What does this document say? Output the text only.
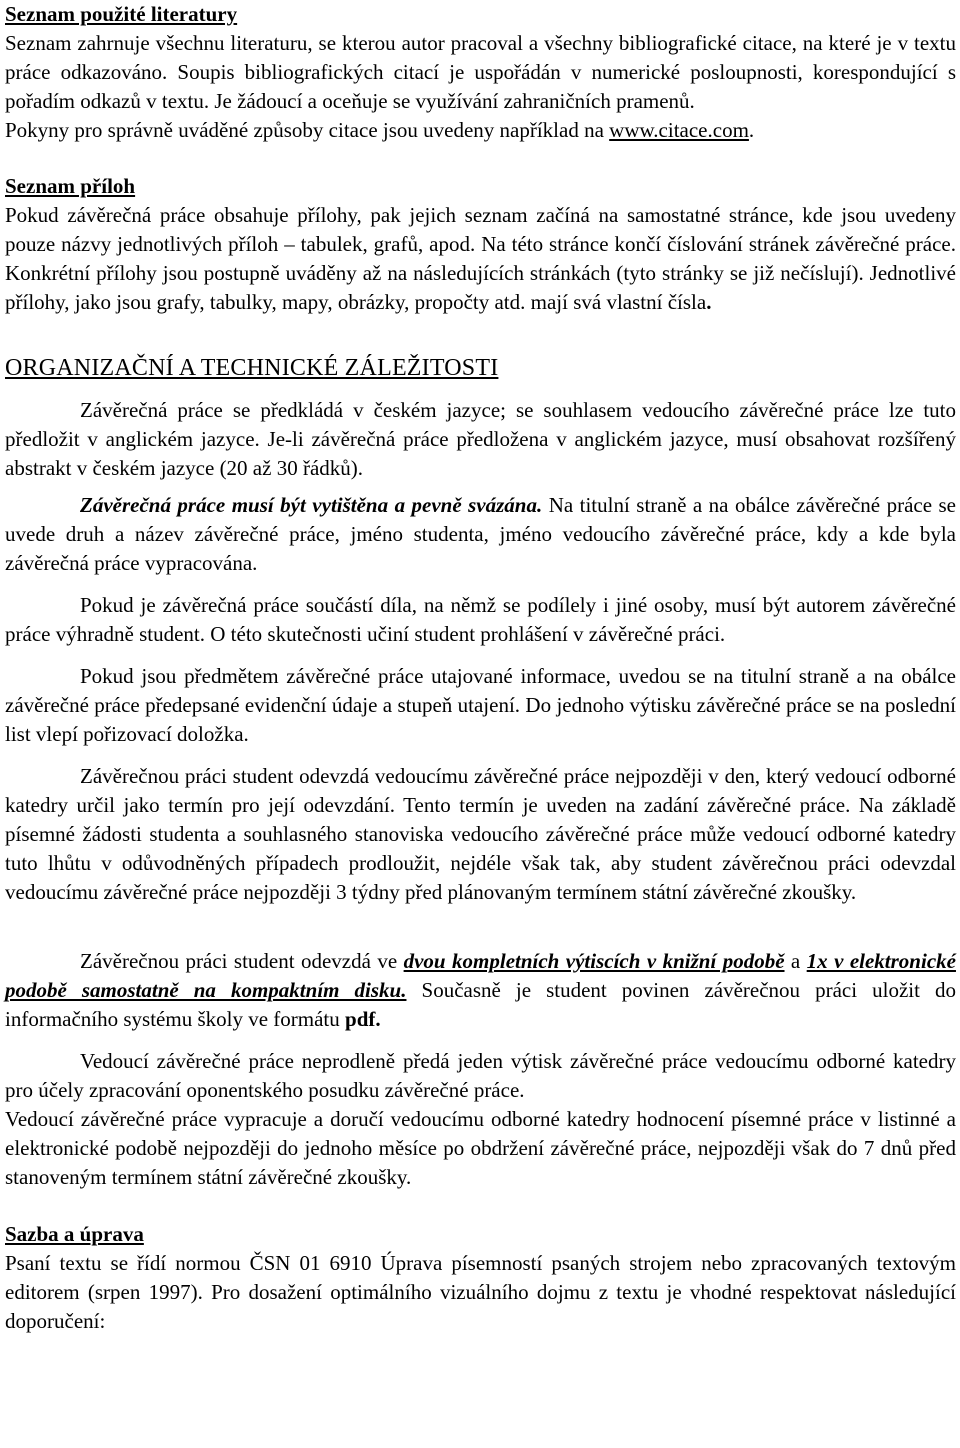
Seznam použité literatury

Seznam zahrnuje všechnu literaturu, se kterou autor pracoval a všechny bibliografické citace, na které je v textu práce odkazováno. Soupis bibliografických citací je uspořádán v numerické posloupnosti, korespondující s pořadím odkazů v textu. Je žádoucí a oceňuje se využívání zahraničních pramenů.

Pokyny pro správně uváděné způsoby citace jsou uvedeny například na www.citace.com.

Seznam příloh

Pokud závěrečná práce obsahuje přílohy, pak jejich seznam začíná na samostatné stránce, kde jsou uvedeny pouze názvy jednotlivých příloh – tabulek, grafů, apod. Na této stránce končí číslování stránek závěrečné práce. Konkrétní přílohy jsou postupně uváděny až na následujících stránkách (tyto stránky se již nečíslují). Jednotlivé přílohy, jako jsou grafy, tabulky, mapy, obrázky, propočty atd. mají svá vlastní čísla.

ORGANIZAČNÍ A TECHNICKÉ ZÁLEŽITOSTI

Závěrečná práce se předkládá v českém jazyce; se souhlasem vedoucího závěrečné práce lze tuto předložit v anglickém jazyce. Je-li závěrečná práce předložena v anglickém jazyce, musí obsahovat rozšířený abstrakt v českém jazyce (20 až 30 řádků).

Závěrečná práce musí být vytištěna a pevně svázána. Na titulní straně a na obálce závěrečné práce se uvede druh a název závěrečné práce, jméno studenta, jméno vedoucího závěrečné práce, kdy a kde byla závěrečná práce vypracována.

Pokud je závěrečná práce součástí díla, na němž se podílely i jiné osoby, musí být autorem závěrečné práce výhradně student. O této skutečnosti učiní student prohlášení v závěrečné práci.

Pokud jsou předmětem závěrečné práce utajované informace, uvedou se na titulní straně a na obálce závěrečné práce předepsané evidenční údaje a stupeň utajení. Do jednoho výtisku závěrečné práce se na poslední list vlepí pořizovací doložka.

Závěrečnou práci student odevzdá vedoucímu závěrečné práce nejpozději v den, který vedoucí odborné katedry určil jako termín pro její odevzdání. Tento termín je uveden na zadání závěrečné práce. Na základě písemné žádosti studenta a souhlasného stanoviska vedoucího závěrečné práce může vedoucí odborné katedry tuto lhůtu v odůvodněných případech prodloužit, nejdéle však tak, aby student závěrečnou práci odevzdal vedoucímu závěrečné práce nejpozději 3 týdny před plánovaným termínem státní závěrečné zkoušky.

Závěrečnou práci student odevzdá ve dvou kompletních výtiscích v knižní podobě a 1x v elektronické podobě samostatně na kompaktním disku. Současně je student povinen závěrečnou práci uložit do informačního systému školy ve formátu pdf.

Vedoucí závěrečné práce neprodleně předá jeden výtisk závěrečné práce vedoucímu odborné katedry pro účely zpracování oponentského posudku závěrečné práce.

Vedoucí závěrečné práce vypracuje a doručí vedoucímu odborné katedry hodnocení písemné práce v listinné a elektronické podobě nejpozději do jednoho měsíce po obdržení závěrečné práce, nejpozději však do 7 dnů před stanoveným termínem státní závěrečné zkoušky.

Sazba a úprava

Psaní textu se řídí normou ČSN 01 6910 Úprava písemností psaných strojem nebo zpracovaných textovým editorem (srpen 1997). Pro dosažení optimálního vizuálního dojmu z textu je vhodné respektovat následující doporučení:
